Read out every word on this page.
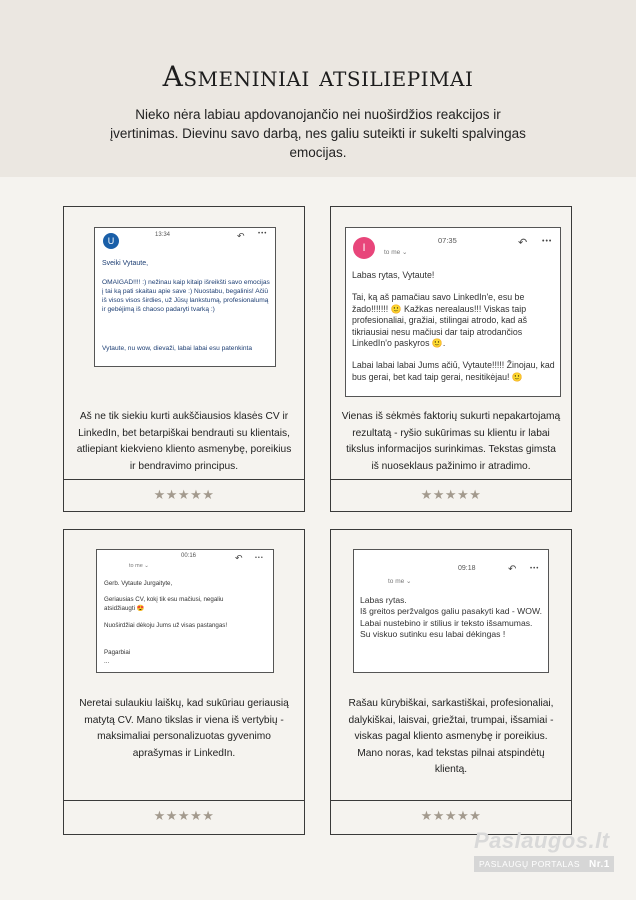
Asmeniniai atsiliepimai
Nieko nėra labiau apdovanojančio nei nuoširdžios reakcijos ir įvertinimas. Dievinu savo darbą, nes galiu suteikti ir sukelti spalvingas emocijas.
U
13:34	↶ •••
Sveiki Vytaute,
OMAIGAD!!!! :) nežinau kaip kitaip išreikšti savo emocijas į tai ką pati skaitau apie save :) Nuostabu, begalinis! Ačiū iš visos visos širdies, už Jūsų lankstumą, profesionalumą ir gebėjimą iš chaoso padaryti tvarką :)
Vytaute, nu wow, dievaži, labai labai esu patenkinta
Aš ne tik siekiu kurti aukščiausios klasės CV ir LinkedIn, bet betarpiškai bendrauti su klientais, atliepiant kiekvieno kliento asmenybę, poreikius ir bendravimo principus.
★★★★★
I	to me ⌄
07:35	↶ •••
Labas rytas, Vytaute!
Tai, ką aš pamačiau savo LinkedIn'e, esu be žado!!!!!!! 🙂 Kažkas nerealaus!!! Viskas taip profesionaliai, gražiai, stilingai atrodo, kad aš tikriausiai nesu mačiusi dar taip atrodančios LinkedIn'o paskyros 🙂.
Labai labai labai Jums ačiū, Vytaute!!!!! Žinojau, kad bus gerai, bet kad taip gerai, nesitikėjau! 🙂
Vienas iš sėkmės faktorių sukurti nepakartojamą rezultatą - ryšio sukūrimas su klientu ir labai tikslus informacijos surinkimas. Tekstas gimsta iš nuoseklaus pažinimo ir atradimo.
★★★★★
to me ⌄
00:16	↶ •••
Gerb. Vytaute Jurgaityte,
Geriausias CV, kokį tik esu mačiusi, negaliu atsidžiaugti 😍
Nuoširdžiai dėkoju Jums už visas pastangas!
Pagarbiai
...
Neretai sulaukiu laiškų, kad sukūriau geriausią matytą CV. Mano tikslas ir viena iš vertybių - maksimaliai personalizuotas gyvenimo aprašymas ir LinkedIn.
★★★★★
to me ⌄
09:18	↶ •••
Labas rytas.
Iš greitos peržvalgos galiu pasakyti kad - WOW.
Labai nustebino ir stilius ir teksto išsamumas.
Su viskuo sutinku esu labai dėkingas !
Rašau kūrybiškai, sarkastiškai, profesionaliai, dalykiškai, laisvai, griežtai, trumpai, išsamiai - viskas pagal kliento asmenybę ir poreikius. Mano noras, kad tekstas pilnai atspindėtų klientą.
★★★★★
Paslaugos.lt
PASLAUGŲ PORTALAS Nr.1
